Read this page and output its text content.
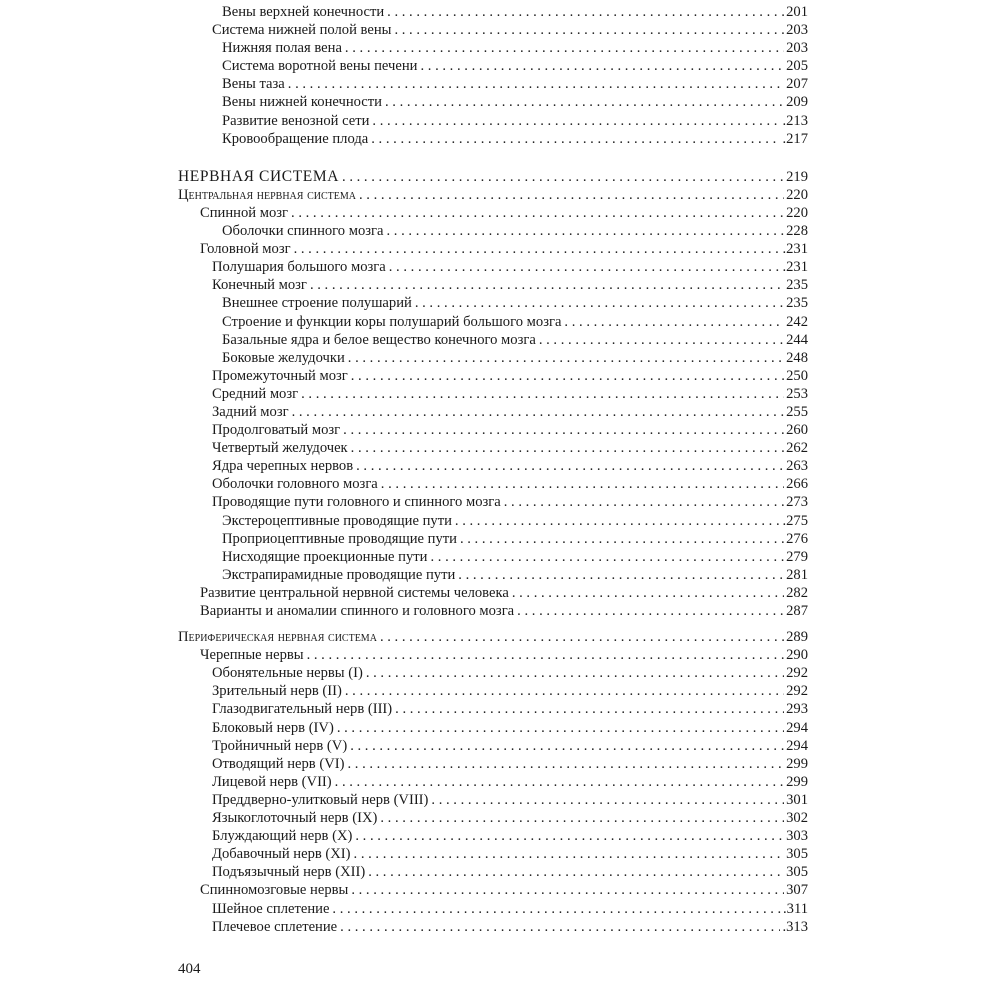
Вены верхней конечности . . .	201
Система нижней полой вены . . .	203
Нижняя полая вена . . .	203
Система воротной вены печени . . .	205
Вены таза . . .	207
Вены нижней конечности . . .	209
Развитие венозной сети . . .	.213
Кровообращение плода . . .	.217
НЕРВНАЯ СИСТЕМА . . .	219
Центральная нервная система . . .	220
Спинной мозг . . .	220
Оболочки спинного мозга . . .	228
Головной мозг . . .	.231
Полушария большого мозга . . .	.231
Конечный мозг . . .	235
Внешнее строение полушарий . . .	235
Строение и функции коры полушарий большого мозга . . .	242
Базальные ядра и белое вещество конечного мозга . . .	244
Боковые желудочки . . .	248
Промежуточный мозг . . .	250
Средний мозг . . .	253
Задний мозг . . .	255
Продолговатый мозг . . .	260
Четвертый желудочек . . .	262
Ядра черепных нервов . . .	263
Оболочки головного мозга . . .	266
Проводящие пути головного и спинного мозга . . .	273
Экстероцептивные проводящие пути . . .	.275
Проприоцептивные проводящие пути . . .	276
Нисходящие проекционные пути . . .	279
Экстрапирамидные проводящие пути . . .	281
Развитие центральной нервной системы человека . . .	282
Варианты и аномалии спинного и головного мозга . . .	287
Периферическая нервная система . . .	289
Черепные нервы . . .	290
Обонятельные нервы (I) . . .	292
Зрительный нерв (II) . . .	292
Глазодвигательный нерв (III) . . .	293
Блоковый нерв (IV) . . .	294
Тройничный нерв (V) . . .	294
Отводящий нерв (VI) . . .	299
Лицевой нерв (VII) . . .	299
Преддверно-улитковый нерв (VIII) . . .	301
Языкоглоточный нерв (IX) . . .	302
Блуждающий нерв (X) . . .	303
Добавочный нерв (XI) . . .	305
Подъязычный нерв (XII) . . .	305
Спинномозговые нервы . . .	307
Шейное сплетение . . .	.311
Плечевое сплетение . . .	.313
404
